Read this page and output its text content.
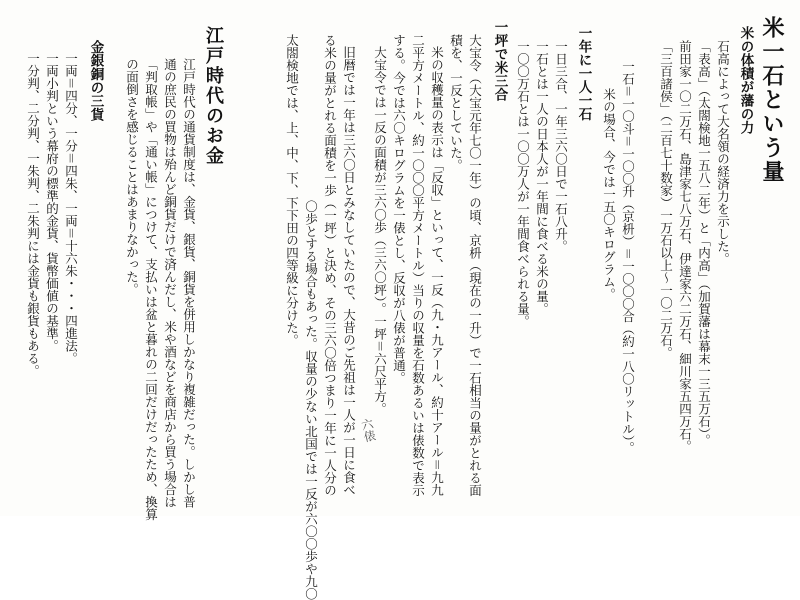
米一石という量
米の体積が藩の力
石高によって大名領の経済力を示した。
「表高」（太閤検地一五八二年）と「内高」（加賀藩は幕末一三五万石）。
前田家一〇二万石、島津家七八万石、伊達家六二万石、細川家五四万石。
「三百諸侯」（二百七十数家）一万石以上～一〇二万石。
一石＝一〇斗＝一〇〇升（京枡）＝一〇〇〇合（約一八〇リットル）。
米の場合、今では一五〇キログラム。
一年に一人一石
一日三合、一年三六〇日で一石八升。
一石とは一人の日本人が一年間に食べる米の量。
一〇〇万石とは一〇〇万人が一年間食べられる量。
一坪で米三合
大宝令（大宝元年七〇一年）の頃、京枡（現在の一升）で一石相当の量がとれる面
積を、一反としていた。
米の収穫量の表示は「反収」といって、一反（九・九アール、約十アール＝九九
二平方メートル、約一〇〇〇平方メートル）当りの収量を石数あるいは俵数で表示
する。今では六〇キログラムを一俵とし、反収が八俵が普通。
大宝令では一反の面積が三六〇歩（三六〇坪）。一坪＝六尺平方。
旧暦では一年は三六〇日とみなしていたので、大昔のご先祖は一人が一日に食べ
る米の量がとれる面積を一歩（一坪）と決め、その三六〇倍つまり一年に一人分の
〇歩とする場合もあった。収量の少ない北国では一反が六〇〇歩や九〇
太閤検地では、上、中、下、下下田の四等級に分けた。
六俵
江戸時代のお金
江戸時代の通貨制度は、金貨、銀貨、銅貨を併用しかなり複雑だった。しかし普
通の庶民の買物は殆んど銅貨だけで済んだし、米や酒などを商店から買う場合は
「判取帳」や「通い帳」につけて、支払いは盆と暮れの二回だけだったため、換算
の面倒さを感じることはあまりなかった。
金銀銅の三貨
一両＝四分、一分＝四朱、一両＝十六朱・・・四進法。
一両小判という幕府の標準的金貨、貨幣価値の基準。
一分判、二分判、一朱判、二朱判には金貨も銀貨もある。
